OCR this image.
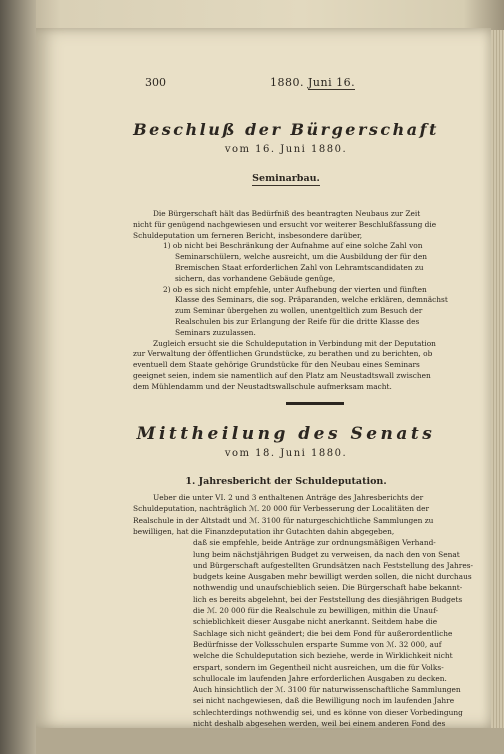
300	1880. Juni 16.
Beschluß der Bürgerschaft
vom 16. Juni 1880.
Seminarbau.
Mittheilung des Senats
vom 18. Juni 1880.
1. Jahresbericht der Schuldeputation.
Die Bürgerschaft hält das Bedürfniß des beantragten Neubaus zur Zeit
nicht für genügend nachgewiesen und ersucht vor weiterer Beschlußfassung die
Schuldeputation um ferneren Bericht, insbesondere darüber,
1) ob nicht bei Beschränkung der Aufnahme auf eine solche Zahl von
Seminarschülern, welche ausreicht, um die Ausbildung der für den
Bremischen Staat erforderlichen Zahl von Lehramtscandidaten zu
sichern, das vorhandene Gebäude genüge,
2) ob es sich nicht empfehle, unter Aufhebung der vierten und fünften
Klasse des Seminars, die sog. Präparanden, welche erklären, demnächst
zum Seminar übergehen zu wollen, unentgeltlich zum Besuch der
Realschulen bis zur Erlangung der Reife für die dritte Klasse des
Seminars zuzulassen.
Zugleich ersucht sie die Schuldeputation in Verbindung mit der Deputation
zur Verwaltung der öffentlichen Grundstücke, zu berathen und zu berichten, ob
eventuell dem Staate gehörige Grundstücke für den Neubau eines Seminars
geeignet seien, indem sie namentlich auf den Platz am Neustadtswall zwischen
dem Mühlendamm und der Neustadtswallschule aufmerksam macht.
Ueber die unter VI. 2 und 3 enthaltenen Anträge des Jahresberichts der
Schuldeputation, nachträglich ℳ. 20 000 für Verbesserung der Localitäten der
Realschule in der Altstadt und ℳ. 3100 für naturgeschichtliche Sammlungen zu
bewilligen, hat die Finanzdeputation ihr Gutachten dahin abgegeben,
daß sie empfehle, beide Anträge zur ordnungsmäßigen Verhand-
lung beim nächstjährigen Budget zu verweisen, da nach den von Senat
und Bürgerschaft aufgestellten Grundsätzen nach Feststellung des Jahres-
budgets keine Ausgaben mehr bewilligt werden sollen, die nicht durchaus
nothwendig und unaufschieblich seien. Die Bürgerschaft habe bekannt-
lich es bereits abgelehnt, bei der Feststellung des diesjährigen Budgets
die ℳ. 20 000 für die Realschule zu bewilligen, mithin die Unauf-
schieblichkeit dieser Ausgabe nicht anerkannt. Seitdem habe die
Sachlage sich nicht geändert; die bei dem Fond für außerordentliche
Bedürfnisse der Volksschulen ersparte Summe von ℳ. 32 000, auf
welche die Schuldeputation sich beziehe, werde in Wirklichkeit nicht
erspart, sondern im Gegentheil nicht ausreichen, um die für Volks-
schullocale im laufenden Jahre erforderlichen Ausgaben zu decken.
Auch hinsichtlich der ℳ. 3100 für naturwissenschaftliche Sammlungen
sei nicht nachgewiesen, daß die Bewilligung noch im laufenden Jahre
schlechterdings nothwendig sei, und es könne von dieser Vorbedingung
nicht deshalb abgesehen werden, weil bei einem anderen Fond des
